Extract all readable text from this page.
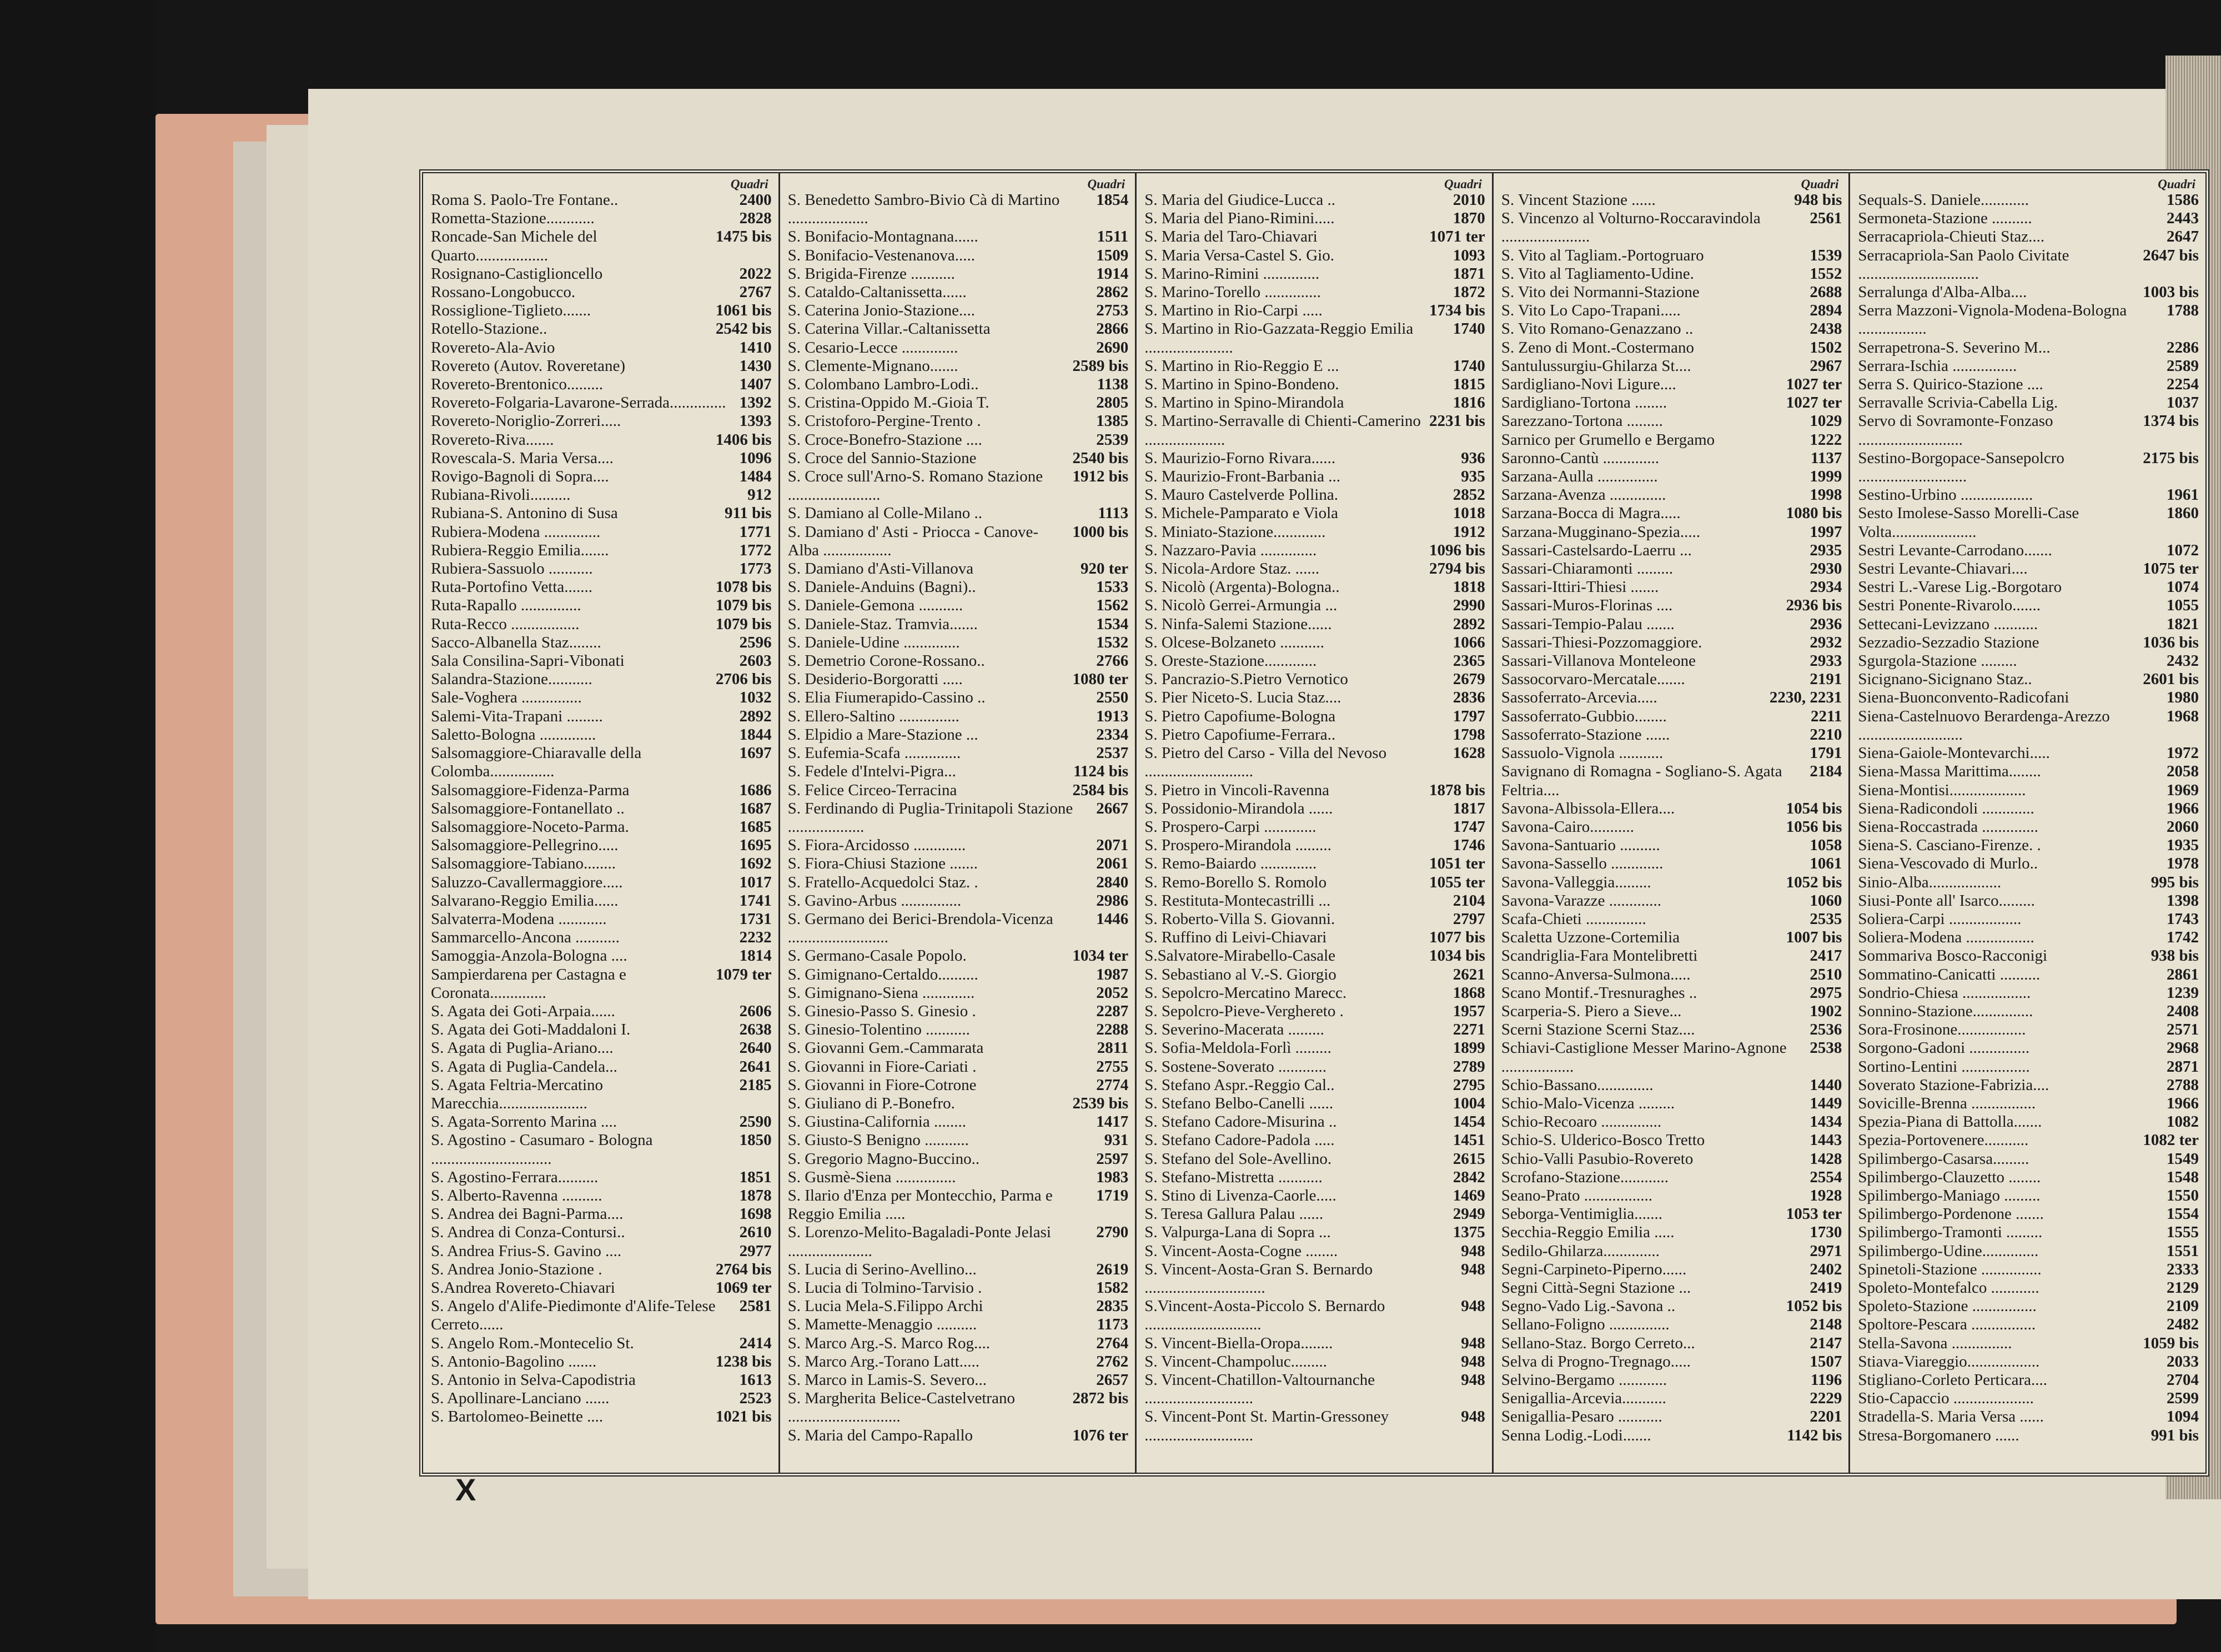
Quadri
2400
Roma S. Paolo-Tre Fontane..
2828
Rometta-Stazione............
1475 bis
Roncade-San Michele del Quarto..................
2022
Rosignano-Castiglioncello
2767
Rossano-Longobucco.
1061 bis
Rossiglione-Tiglieto.......
2542 bis
Rotello-Stazione..
1410
Rovereto-Ala-Avio
1430
Rovereto (Autov. Roveretane)
1407
Rovereto-Brentonico.........
1392
Rovereto-Folgaria-Lavarone-Serrada..............
1393
Rovereto-Noriglio-Zorreri.....
1406 bis
Rovereto-Riva.......
1096
Rovescala-S. Maria Versa....
1484
Rovigo-Bagnoli di Sopra....
912
Rubiana-Rivoli..........
911 bis
Rubiana-S. Antonino di Susa
1771
Rubiera-Modena ..............
1772
Rubiera-Reggio Emilia.......
1773
Rubiera-Sassuolo ...........
1078 bis
Ruta-Portofino Vetta.......
1079 bis
Ruta-Rapallo ...............
1079 bis
Ruta-Recco .................
2596
Sacco-Albanella Staz........
2603
Sala Consilina-Sapri-Vibonati
2706 bis
Salandra-Stazione...........
1032
Sale-Voghera ...............
2892
Salemi-Vita-Trapani .........
1844
Saletto-Bologna ..............
1697
Salsomaggiore-Chiaravalle della Colomba................
1686
Salsomaggiore-Fidenza-Parma
1687
Salsomaggiore-Fontanellato ..
1685
Salsomaggiore-Noceto-Parma.
1695
Salsomaggiore-Pellegrino.....
1692
Salsomaggiore-Tabiano........
1017
Saluzzo-Cavallermaggiore.....
1741
Salvarano-Reggio Emilia......
1731
Salvaterra-Modena ............
2232
Sammarcello-Ancona ...........
1814
Samoggia-Anzola-Bologna ....
1079 ter
Sampierdarena per Castagna e Coronata..............
2606
S. Agata dei Goti-Arpaia......
2638
S. Agata dei Goti-Maddaloni I.
2640
S. Agata di Puglia-Ariano....
2641
S. Agata di Puglia-Candela...
2185
S. Agata Feltria-Mercatino Marecchia......................
2590
S. Agata-Sorrento Marina ....
1850
S. Agostino - Casumaro - Bologna ..............................
1851
S. Agostino-Ferrara..........
1878
S. Alberto-Ravenna ..........
1698
S. Andrea dei Bagni-Parma....
2610
S. Andrea di Conza-Contursi..
2977
S. Andrea Frius-S. Gavino ....
2764 bis
S. Andrea Jonio-Stazione .
1069 ter
S.Andrea Rovereto-Chiavari
2581
S. Angelo d'Alife-Piedimonte d'Alife-Telese Cerreto......
2414
S. Angelo Rom.-Montecelio St.
1238 bis
S. Antonio-Bagolino .......
1613
S. Antonio in Selva-Capodistria
2523
S. Apollinare-Lanciano ......
1021 bis
S. Bartolomeo-Beinette ....
Quadri
1854
S. Benedetto Sambro-Bivio Cà di Martino ....................
1511
S. Bonifacio-Montagnana......
1509
S. Bonifacio-Vestenanova.....
1914
S. Brigida-Firenze ...........
2862
S. Cataldo-Caltanissetta......
2753
S. Caterina Jonio-Stazione....
2866
S. Caterina Villar.-Caltanissetta
2690
S. Cesario-Lecce ..............
2589 bis
S. Clemente-Mignano.......
1138
S. Colombano Lambro-Lodi..
2805
S. Cristina-Oppido M.-Gioia T.
1385
S. Cristoforo-Pergine-Trento .
2539
S. Croce-Bonefro-Stazione ....
2540 bis
S. Croce del Sannio-Stazione
1912 bis
S. Croce sull'Arno-S. Romano Stazione .......................
1113
S. Damiano al Colle-Milano ..
1000 bis
S. Damiano d' Asti - Priocca - Canove-Alba .................
920 ter
S. Damiano d'Asti-Villanova
1533
S. Daniele-Anduins (Bagni)..
1562
S. Daniele-Gemona ...........
1534
S. Daniele-Staz. Tramvia.......
1532
S. Daniele-Udine ..............
2766
S. Demetrio Corone-Rossano..
1080 ter
S. Desiderio-Borgoratti .....
2550
S. Elia Fiumerapido-Cassino ..
1913
S. Ellero-Saltino ...............
2334
S. Elpidio a Mare-Stazione ...
2537
S. Eufemia-Scafa ..............
1124 bis
S. Fedele d'Intelvi-Pigra...
2584 bis
S. Felice Circeo-Terracina
2667
S. Ferdinando di Puglia-Trinitapoli Stazione ...................
2071
S. Fiora-Arcidosso .............
2061
S. Fiora-Chiusi Stazione .......
2840
S. Fratello-Acquedolci Staz. .
2986
S. Gavino-Arbus ...............
1446
S. Germano dei Berici-Brendola-Vicenza .........................
1034 ter
S. Germano-Casale Popolo.
1987
S. Gimignano-Certaldo..........
2052
S. Gimignano-Siena .............
2287
S. Ginesio-Passo S. Ginesio .
2288
S. Ginesio-Tolentino ...........
2811
S. Giovanni Gem.-Cammarata
2755
S. Giovanni in Fiore-Cariati .
2774
S. Giovanni in Fiore-Cotrone
2539 bis
S. Giuliano di P.-Bonefro.
1417
S. Giustina-California ........
931
S. Giusto-S Benigno ...........
2597
S. Gregorio Magno-Buccino..
1983
S. Gusmè-Siena ...............
1719
S. Ilario d'Enza per Montecchio, Parma e Reggio Emilia .....
2790
S. Lorenzo-Melito-Bagaladi-Ponte Jelasi .....................
2619
S. Lucia di Serino-Avellino...
1582
S. Lucia di Tolmino-Tarvisio .
2835
S. Lucia Mela-S.Filippo Archi
1173
S. Mamette-Menaggio ..........
2764
S. Marco Arg.-S. Marco Rog....
2762
S. Marco Arg.-Torano Latt.....
2657
S. Marco in Lamis-S. Severo...
2872 bis
S. Margherita Belice-Castelvetrano ............................
1076 ter
S. Maria del Campo-Rapallo
Quadri
2010
S. Maria del Giudice-Lucca ..
1870
S. Maria del Piano-Rimini.....
1071 ter
S. Maria del Taro-Chiavari
1093
S. Maria Versa-Castel S. Gio.
1871
S. Marino-Rimini ..............
1872
S. Marino-Torello ..............
1734 bis
S. Martino in Rio-Carpi .....
1740
S. Martino in Rio-Gazzata-Reggio Emilia ......................
1740
S. Martino in Rio-Reggio E ...
1815
S. Martino in Spino-Bondeno.
1816
S. Martino in Spino-Mirandola
2231 bis
S. Martino-Serravalle di Chienti-Camerino ....................
936
S. Maurizio-Forno Rivara......
935
S. Maurizio-Front-Barbania ...
2852
S. Mauro Castelverde Pollina.
1018
S. Michele-Pamparato e Viola
1912
S. Miniato-Stazione.............
1096 bis
S. Nazzaro-Pavia ..............
2794 bis
S. Nicola-Ardore Staz. ......
1818
S. Nicolò (Argenta)-Bologna..
2990
S. Nicolò Gerrei-Armungia ...
2892
S. Ninfa-Salemi Stazione......
1066
S. Olcese-Bolzaneto ...........
2365
S. Oreste-Stazione.............
2679
S. Pancrazio-S.Pietro Vernotico
2836
S. Pier Niceto-S. Lucia Staz....
1797
S. Pietro Capofiume-Bologna
1798
S. Pietro Capofiume-Ferrara..
1628
S. Pietro del Carso - Villa del Nevoso ...........................
1878 bis
S. Pietro in Vincoli-Ravenna
1817
S. Possidonio-Mirandola ......
1747
S. Prospero-Carpi .............
1746
S. Prospero-Mirandola .........
1051 ter
S. Remo-Baiardo ..............
1055 ter
S. Remo-Borello S. Romolo
2104
S. Restituta-Montecastrilli ...
2797
S. Roberto-Villa S. Giovanni.
1077 bis
S. Ruffino di Leivi-Chiavari
1034 bis
S.Salvatore-Mirabello-Casale
2621
S. Sebastiano al V.-S. Giorgio
1868
S. Sepolcro-Mercatino Marecc.
1957
S. Sepolcro-Pieve-Verghereto .
2271
S. Severino-Macerata .........
1899
S. Sofia-Meldola-Forlì .........
2789
S. Sostene-Soverato ............
2795
S. Stefano Aspr.-Reggio Cal..
1004
S. Stefano Belbo-Canelli ......
1454
S. Stefano Cadore-Misurina ..
1451
S. Stefano Cadore-Padola .....
2615
S. Stefano del Sole-Avellino.
2842
S. Stefano-Mistretta ...........
1469
S. Stino di Livenza-Caorle.....
2949
S. Teresa Gallura Palau ......
1375
S. Valpurga-Lana di Sopra ...
948
S. Vincent-Aosta-Cogne ........
948
S. Vincent-Aosta-Gran S. Bernardo ..............................
948
S.Vincent-Aosta-Piccolo S. Bernardo .............................
948
S. Vincent-Biella-Oropa........
948
S. Vincent-Champoluc.........
948
S. Vincent-Chatillon-Valtournanche ...........................
948
S. Vincent-Pont St. Martin-Gressoney ...........................
Quadri
948 bis
S. Vincent Stazione ......
2561
S. Vincenzo al Volturno-Roccaravindola ......................
1539
S. Vito al Tagliam.-Portogruaro
1552
S. Vito al Tagliamento-Udine.
2688
S. Vito dei Normanni-Stazione
2894
S. Vito Lo Capo-Trapani.....
2438
S. Vito Romano-Genazzano ..
1502
S. Zeno di Mont.-Costermano
2967
Santulussurgiu-Ghilarza St....
1027 ter
Sardigliano-Novi Ligure....
1027 ter
Sardigliano-Tortona ........
1029
Sarezzano-Tortona .........
1222
Sarnico per Grumello e Bergamo
1137
Saronno-Cantù ..............
1999
Sarzana-Aulla ...............
1998
Sarzana-Avenza ..............
1080 bis
Sarzana-Bocca di Magra.....
1997
Sarzana-Mugginano-Spezia.....
2935
Sassari-Castelsardo-Laerru ...
2930
Sassari-Chiaramonti .........
2934
Sassari-Ittiri-Thiesi .......
2936 bis
Sassari-Muros-Florinas ....
2936
Sassari-Tempio-Palau .......
2932
Sassari-Thiesi-Pozzomaggiore.
2933
Sassari-Villanova Monteleone
2191
Sassocorvaro-Mercatale.......
2230, 2231
Sassoferrato-Arcevia.....
2211
Sassoferrato-Gubbio........
2210
Sassoferrato-Stazione ......
1791
Sassuolo-Vignola ...........
2184
Savignano di Romagna - Sogliano-S. Agata Feltria....
1054 bis
Savona-Albissola-Ellera....
1056 bis
Savona-Cairo...........
1058
Savona-Santuario ..........
1061
Savona-Sassello .............
1052 bis
Savona-Valleggia.........
1060
Savona-Varazze .............
2535
Scafa-Chieti ...............
1007 bis
Scaletta Uzzone-Cortemilia
2417
Scandriglia-Fara Montelibretti
2510
Scanno-Anversa-Sulmona.....
2975
Scano Montif.-Tresnuraghes ..
1902
Scarperia-S. Piero a Sieve...
2536
Scerni Stazione Scerni Staz....
2538
Schiavi-Castiglione Messer Marino-Agnone ..................
1440
Schio-Bassano..............
1449
Schio-Malo-Vicenza .........
1434
Schio-Recoaro ...............
1443
Schio-S. Ulderico-Bosco Tretto
1428
Schio-Valli Pasubio-Rovereto
2554
Scrofano-Stazione............
1928
Seano-Prato .................
1053 ter
Seborga-Ventimiglia.......
1730
Secchia-Reggio Emilia .....
2971
Sedilo-Ghilarza..............
2402
Segni-Carpineto-Piperno......
2419
Segni Città-Segni Stazione ...
1052 bis
Segno-Vado Lig.-Savona ..
2148
Sellano-Foligno ...............
2147
Sellano-Staz. Borgo Cerreto...
1507
Selva di Progno-Tregnago.....
1196
Selvino-Bergamo ............
2229
Senigallia-Arcevia...........
2201
Senigallia-Pesaro ...........
1142 bis
Senna Lodig.-Lodi.......
Quadri
1586
Sequals-S. Daniele............
2443
Sermoneta-Stazione ..........
2647
Serracapriola-Chieuti Staz....
2647 bis
Serracapriola-San Paolo Civitate ..............................
1003 bis
Serralunga d'Alba-Alba....
1788
Serra Mazzoni-Vignola-Modena-Bologna .................
2286
Serrapetrona-S. Severino M...
2589
Serrara-Ischia ................
2254
Serra S. Quirico-Stazione ....
1037
Serravalle Scrivia-Cabella Lig.
1374 bis
Servo di Sovramonte-Fonzaso ..........................
2175 bis
Sestino-Borgopace-Sansepolcro ...........................
1961
Sestino-Urbino ..................
1860
Sesto Imolese-Sasso Morelli-Case Volta.....................
1072
Sestri Levante-Carrodano.......
1075 ter
Sestri Levante-Chiavari....
1074
Sestri L.-Varese Lig.-Borgotaro
1055
Sestri Ponente-Rivarolo.......
1821
Settecani-Levizzano ...........
1036 bis
Sezzadio-Sezzadio Stazione
2432
Sgurgola-Stazione .........
2601 bis
Sicignano-Sicignano Staz..
1980
Siena-Buonconvento-Radicofani
1968
Siena-Castelnuovo Berardenga-Arezzo ..........................
1972
Siena-Gaiole-Montevarchi.....
2058
Siena-Massa Marittima........
1969
Siena-Montisi...................
1966
Siena-Radicondoli .............
2060
Siena-Roccastrada ..............
1935
Siena-S. Casciano-Firenze. .
1978
Siena-Vescovado di Murlo..
995 bis
Sinio-Alba..................
1398
Siusi-Ponte all' Isarco.........
1743
Soliera-Carpi ..................
1742
Soliera-Modena .................
938 bis
Sommariva Bosco-Racconigi
2861
Sommatino-Canicatti ..........
1239
Sondrio-Chiesa .................
2408
Sonnino-Stazione...............
2571
Sora-Frosinone.................
2968
Sorgono-Gadoni ...............
2871
Sortino-Lentini .................
2788
Soverato Stazione-Fabrizia....
1966
Sovicille-Brenna ................
1082
Spezia-Piana di Battolla.......
1082 ter
Spezia-Portovenere...........
1549
Spilimbergo-Casarsa.........
1548
Spilimbergo-Clauzetto ........
1550
Spilimbergo-Maniago .........
1554
Spilimbergo-Pordenone .......
1555
Spilimbergo-Tramonti .........
1551
Spilimbergo-Udine..............
2333
Spinetoli-Stazione ...............
2129
Spoleto-Montefalco ............
2109
Spoleto-Stazione ................
2482
Spoltore-Pescara ................
1059 bis
Stella-Savona ...............
2033
Stiava-Viareggio..................
2704
Stigliano-Corleto Perticara....
2599
Stio-Capaccio ....................
1094
Stradella-S. Maria Versa ......
991 bis
Stresa-Borgomanero ......
X
